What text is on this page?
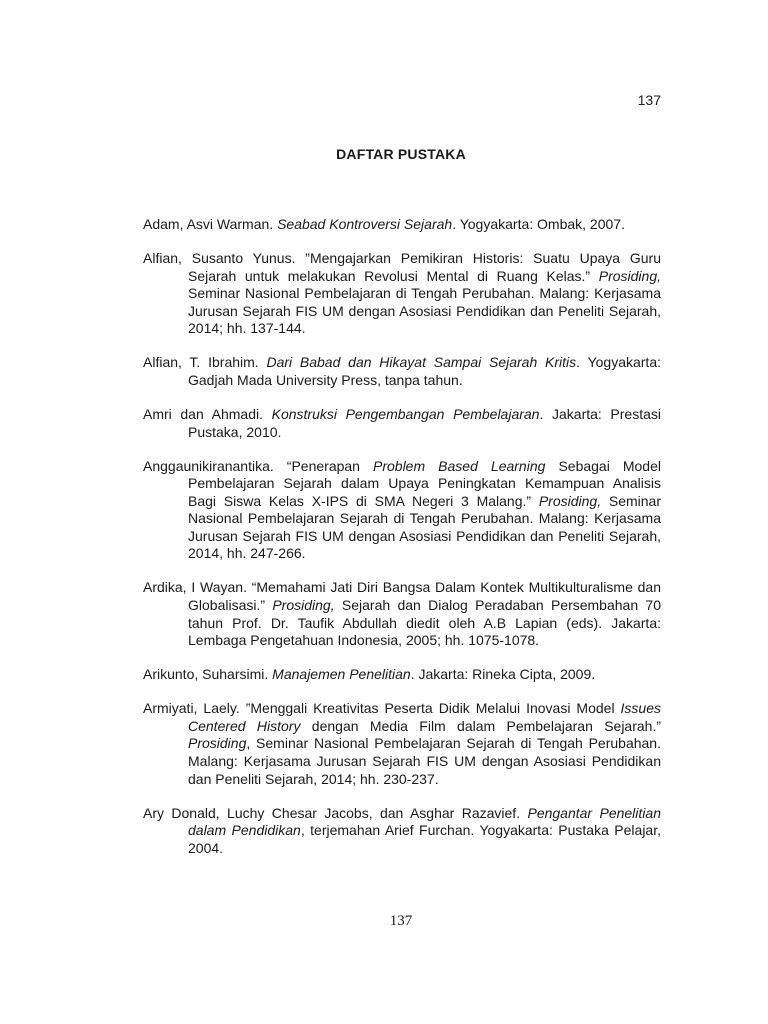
137
DAFTAR PUSTAKA
Adam, Asvi Warman. Seabad Kontroversi Sejarah. Yogyakarta: Ombak, 2007.
Alfian, Susanto Yunus. ”Mengajarkan Pemikiran Historis: Suatu Upaya Guru Sejarah untuk melakukan Revolusi Mental di Ruang Kelas.” Prosiding, Seminar Nasional Pembelajaran di Tengah Perubahan. Malang: Kerjasama Jurusan Sejarah FIS UM dengan Asosiasi Pendidikan dan Peneliti Sejarah, 2014; hh. 137-144.
Alfian, T. Ibrahim. Dari Babad dan Hikayat Sampai Sejarah Kritis. Yogyakarta: Gadjah Mada University Press, tanpa tahun.
Amri dan Ahmadi. Konstruksi Pengembangan Pembelajaran. Jakarta: Prestasi Pustaka, 2010.
Anggaunikiranantika. “Penerapan Problem Based Learning Sebagai Model Pembelajaran Sejarah dalam Upaya Peningkatan Kemampuan Analisis Bagi Siswa Kelas X-IPS di SMA Negeri 3 Malang.” Prosiding, Seminar Nasional Pembelajaran Sejarah di Tengah Perubahan. Malang: Kerjasama Jurusan Sejarah FIS UM dengan Asosiasi Pendidikan dan Peneliti Sejarah, 2014, hh. 247-266.
Ardika, I Wayan. “Memahami Jati Diri Bangsa Dalam Kontek Multikulturalisme dan Globalisasi.” Prosiding, Sejarah dan Dialog Peradaban Persembahan 70 tahun Prof. Dr. Taufik Abdullah diedit oleh A.B Lapian (eds). Jakarta: Lembaga Pengetahuan Indonesia, 2005; hh. 1075-1078.
Arikunto, Suharsimi. Manajemen Penelitian. Jakarta: Rineka Cipta, 2009.
Armiyati, Laely. ”Menggali Kreativitas Peserta Didik Melalui Inovasi Model Issues Centered History dengan Media Film dalam Pembelajaran Sejarah.” Prosiding, Seminar Nasional Pembelajaran Sejarah di Tengah Perubahan. Malang: Kerjasama Jurusan Sejarah FIS UM dengan Asosiasi Pendidikan dan Peneliti Sejarah, 2014; hh. 230-237.
Ary Donald, Luchy Chesar Jacobs, dan Asghar Razavief. Pengantar Penelitian dalam Pendidikan, terjemahan Arief Furchan. Yogyakarta: Pustaka Pelajar, 2004.
137
